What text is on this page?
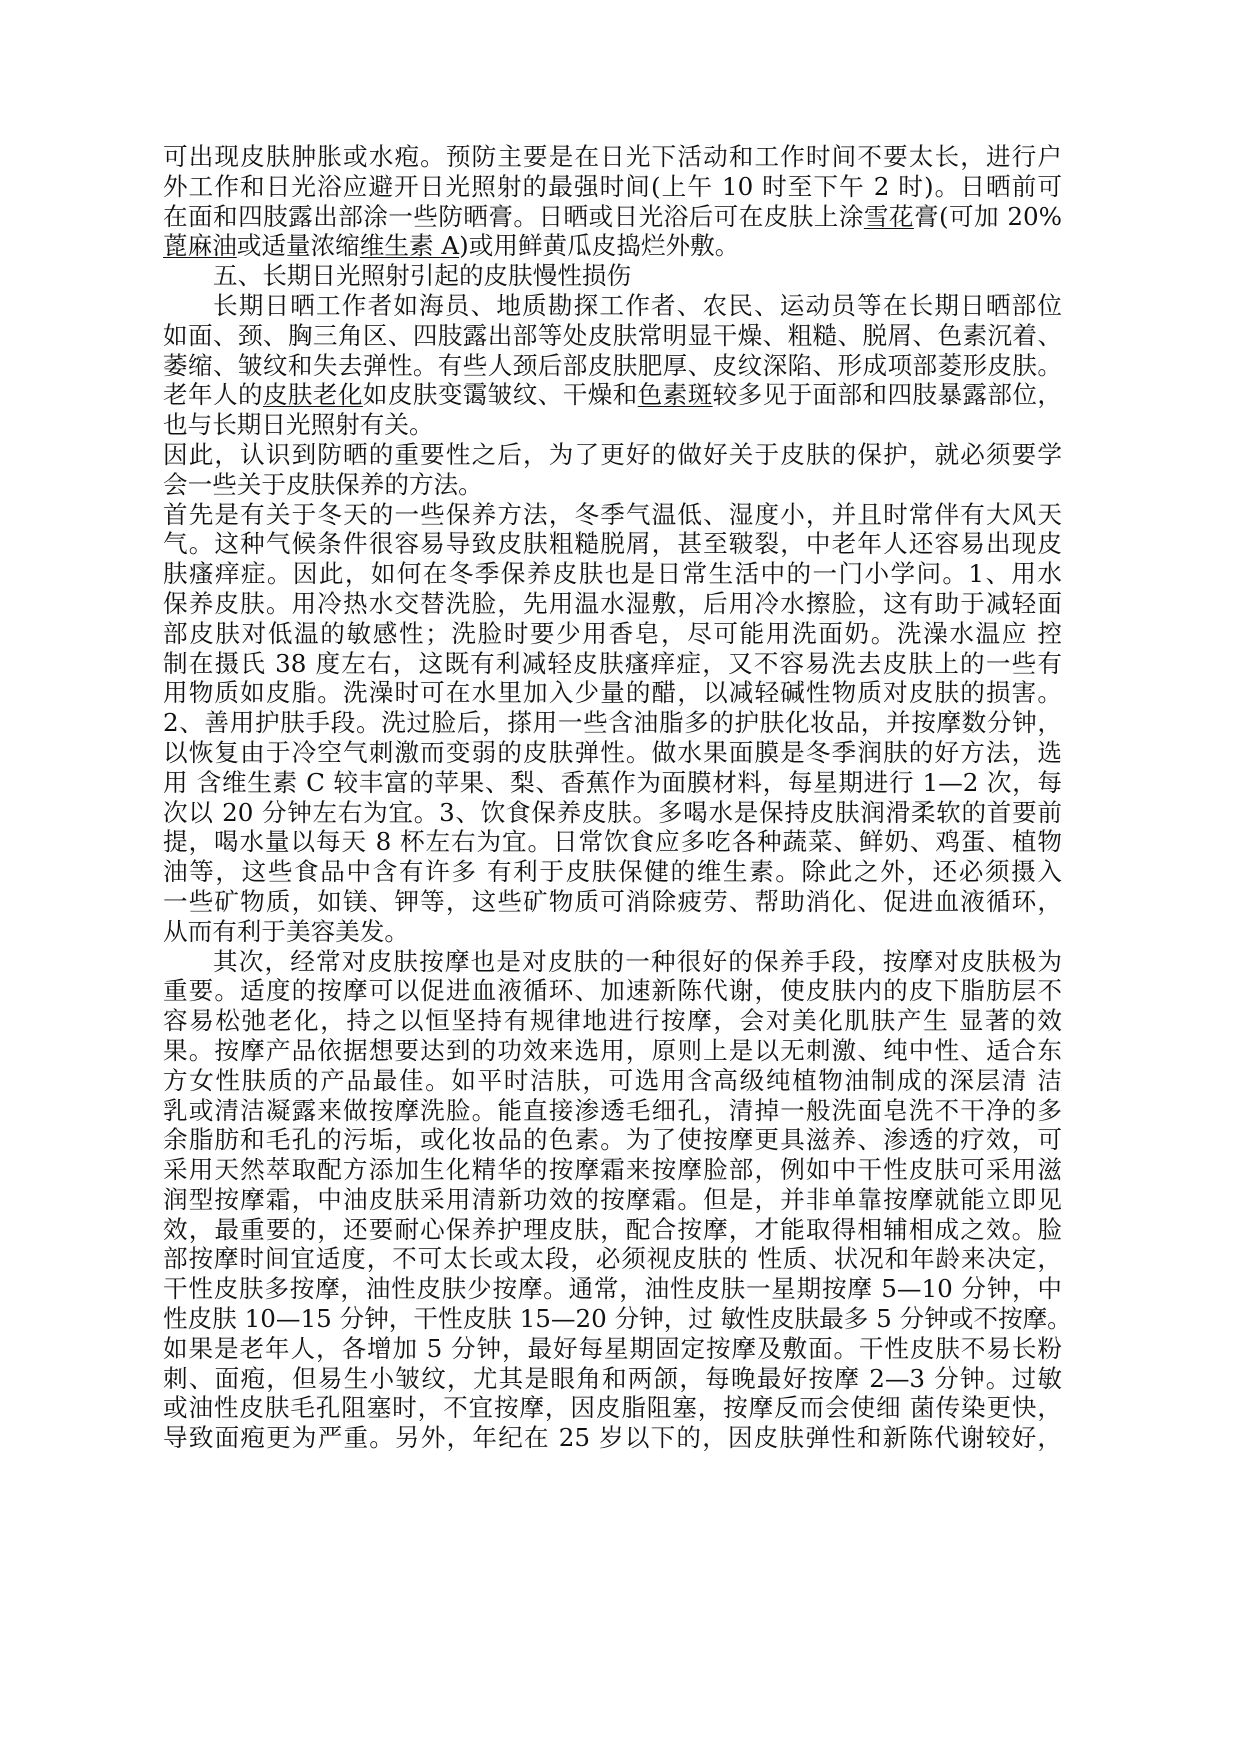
可出现皮肤肿胀或水疱。预防主要是在日光下活动和工作时间不要太长，进行户
外工作和日光浴应避开日光照射的最强时间(上午 10 时至下午 2 时)。日晒前可
在面和四肢露出部涂一些防晒膏。日晒或日光浴后可在皮肤上涂雪花膏(可加 20%
蓖麻油或适量浓缩维生素 A)或用鲜黄瓜皮捣烂外敷。
五、长期日光照射引起的皮肤慢性损伤
长期日晒工作者如海员、地质勘探工作者、农民、运动员等在长期日晒部位
如面、颈、胸三角区、四肢露出部等处皮肤常明显干燥、粗糙、脱屑、色素沉着、
萎缩、皱纹和失去弹性。有些人颈后部皮肤肥厚、皮纹深陷、形成项部菱形皮肤。
老年人的皮肤老化如皮肤变霭皱纹、干燥和色素斑较多见于面部和四肢暴露部位，
也与长期日光照射有关。
因此，认识到防晒的重要性之后，为了更好的做好关于皮肤的保护，就必须要学
会一些关于皮肤保养的方法。
首先是有关于冬天的一些保养方法，冬季气温低、湿度小，并且时常伴有大风天
气。这种气候条件很容易导致皮肤粗糙脱屑，甚至皲裂，中老年人还容易出现皮
肤瘙痒症。因此，如何在冬季保养皮肤也是日常生活中的一门小学问。1、用水
保养皮肤。用冷热水交替洗脸，先用温水湿敷，后用冷水擦脸，这有助于减轻面
部皮肤对低温的敏感性；洗脸时要少用香皂，尽可能用洗面奶。洗澡水温应 控
制在摄氏 38 度左右，这既有利减轻皮肤瘙痒症，又不容易洗去皮肤上的一些有
用物质如皮脂。洗澡时可在水里加入少量的醋，以减轻碱性物质对皮肤的损害。
2、善用护肤手段。洗过脸后，搽用一些含油脂多的护肤化妆品，并按摩数分钟，
以恢复由于冷空气刺激而变弱的皮肤弹性。做水果面膜是冬季润肤的好方法，选
用 含维生素 C 较丰富的苹果、梨、香蕉作为面膜材料，每星期进行 1—2 次，每
次以 20 分钟左右为宜。3、饮食保养皮肤。多喝水是保持皮肤润滑柔软的首要前
提，喝水量以每天 8 杯左右为宜。日常饮食应多吃各种蔬菜、鲜奶、鸡蛋、植物
油等，这些食品中含有许多 有利于皮肤保健的维生素。除此之外，还必须摄入
一些矿物质，如镁、钾等，这些矿物质可消除疲劳、帮助消化、促进血液循环，
从而有利于美容美发。
其次，经常对皮肤按摩也是对皮肤的一种很好的保养手段，按摩对皮肤极为
重要。适度的按摩可以促进血液循环、加速新陈代谢，使皮肤内的皮下脂肪层不
容易松弛老化，持之以恒坚持有规律地进行按摩，会对美化肌肤产生 显著的效
果。按摩产品依据想要达到的功效来选用，原则上是以无刺激、纯中性、适合东
方女性肤质的产品最佳。如平时洁肤，可选用含高级纯植物油制成的深层清 洁
乳或清洁凝露来做按摩洗脸。能直接渗透毛细孔，清掉一般洗面皂洗不干净的多
余脂肪和毛孔的污垢，或化妆品的色素。为了使按摩更具滋养、渗透的疗效，可
采用天然萃取配方添加生化精华的按摩霜来按摩脸部，例如中干性皮肤可采用滋
润型按摩霜，中油皮肤采用清新功效的按摩霜。但是，并非单靠按摩就能立即见
效，最重要的，还要耐心保养护理皮肤，配合按摩，才能取得相辅相成之效。脸
部按摩时间宜适度，不可太长或太段，必须视皮肤的 性质、状况和年龄来决定，
干性皮肤多按摩，油性皮肤少按摩。通常，油性皮肤一星期按摩 5—10 分钟，中
性皮肤 10—15 分钟，干性皮肤 15—20 分钟，过 敏性皮肤最多 5 分钟或不按摩。
如果是老年人，各增加 5 分钟，最好每星期固定按摩及敷面。干性皮肤不易长粉
刺、面疱，但易生小皱纹，尤其是眼角和两颌，每晚最好按摩 2—3 分钟。过敏
或油性皮肤毛孔阻塞时，不宜按摩，因皮脂阻塞，按摩反而会使细 菌传染更快，
导致面疱更为严重。另外，年纪在 25 岁以下的，因皮肤弹性和新陈代谢较好，
